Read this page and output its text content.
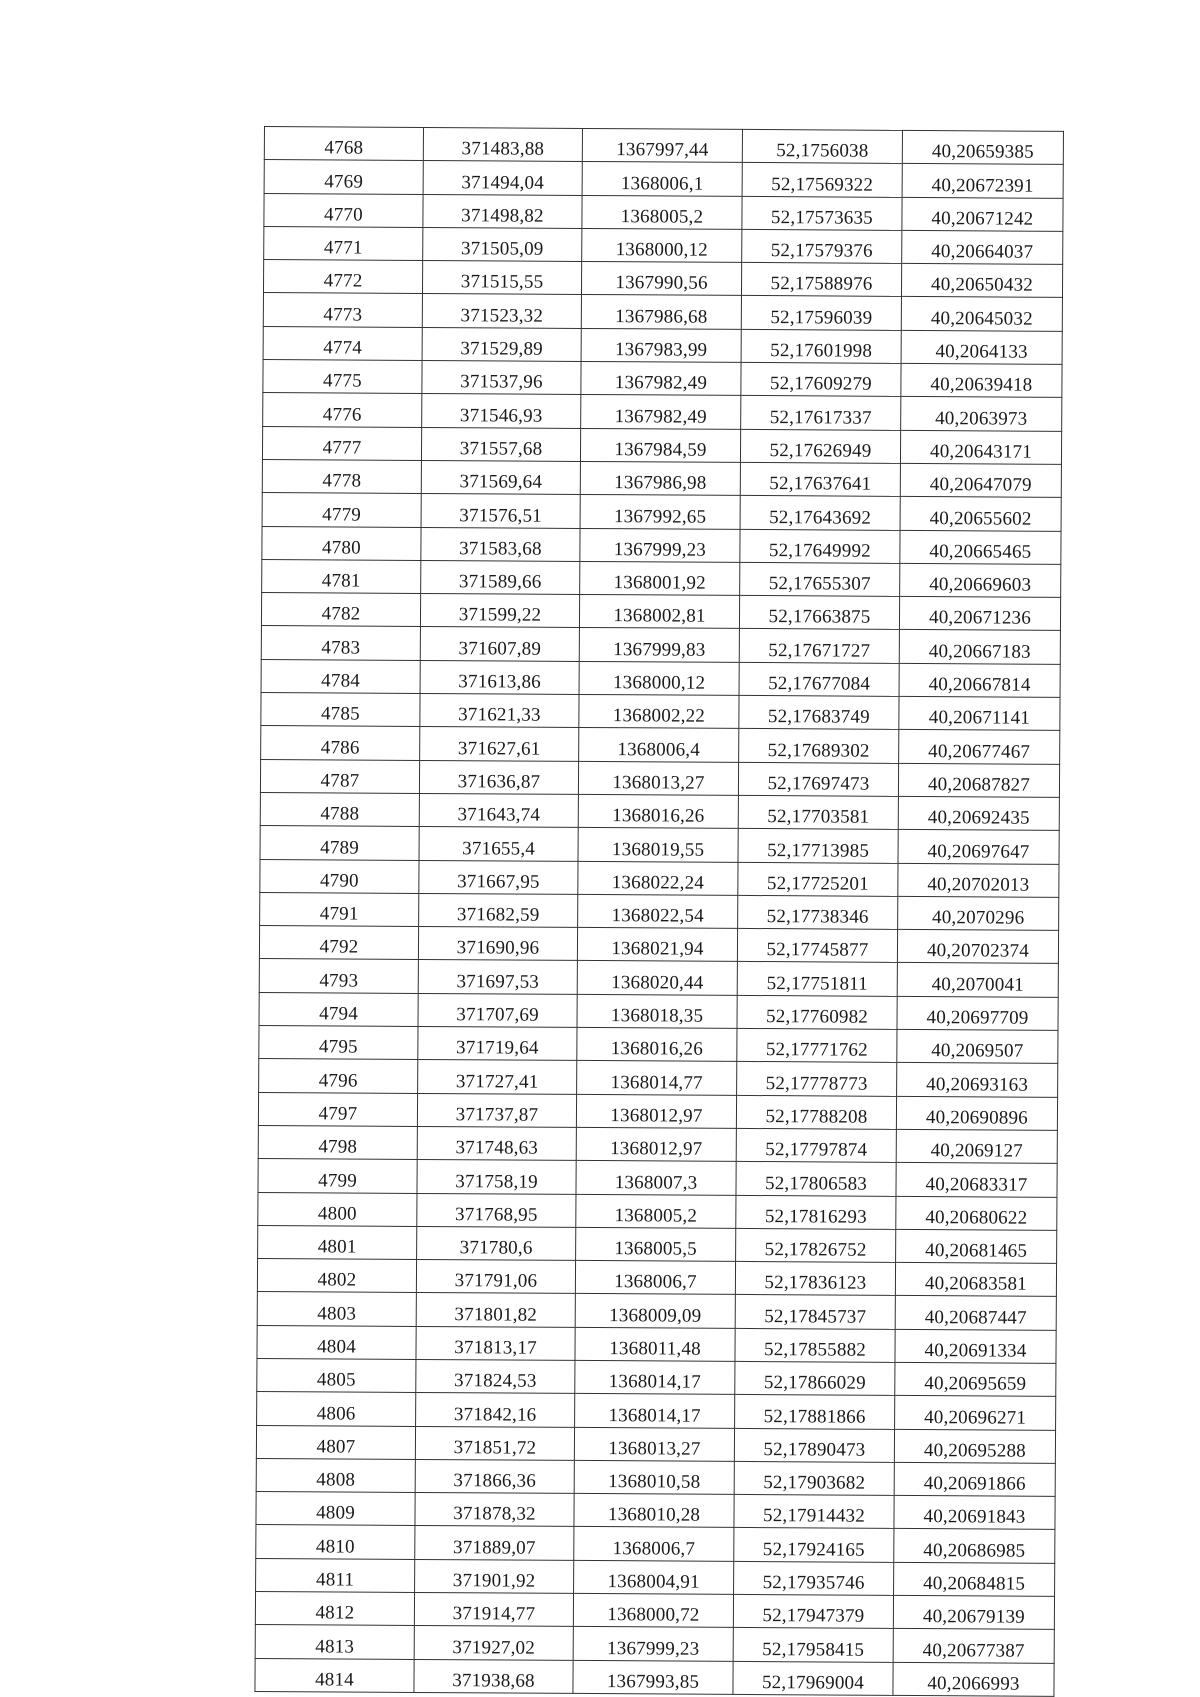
4768	371483,88	1367997,44	52,1756038	40,20659385
4769	371494,04	1368006,1	52,17569322	40,20672391
4770	371498,82	1368005,2	52,17573635	40,20671242
4771	371505,09	1368000,12	52,17579376	40,20664037
4772	371515,55	1367990,56	52,17588976	40,20650432
4773	371523,32	1367986,68	52,17596039	40,20645032
4774	371529,89	1367983,99	52,17601998	40,2064133
4775	371537,96	1367982,49	52,17609279	40,20639418
4776	371546,93	1367982,49	52,17617337	40,2063973
4777	371557,68	1367984,59	52,17626949	40,20643171
4778	371569,64	1367986,98	52,17637641	40,20647079
4779	371576,51	1367992,65	52,17643692	40,20655602
4780	371583,68	1367999,23	52,17649992	40,20665465
4781	371589,66	1368001,92	52,17655307	40,20669603
4782	371599,22	1368002,81	52,17663875	40,20671236
4783	371607,89	1367999,83	52,17671727	40,20667183
4784	371613,86	1368000,12	52,17677084	40,20667814
4785	371621,33	1368002,22	52,17683749	40,20671141
4786	371627,61	1368006,4	52,17689302	40,20677467
4787	371636,87	1368013,27	52,17697473	40,20687827
4788	371643,74	1368016,26	52,17703581	40,20692435
4789	371655,4	1368019,55	52,17713985	40,20697647
4790	371667,95	1368022,24	52,17725201	40,20702013
4791	371682,59	1368022,54	52,17738346	40,2070296
4792	371690,96	1368021,94	52,17745877	40,20702374
4793	371697,53	1368020,44	52,17751811	40,2070041
4794	371707,69	1368018,35	52,17760982	40,20697709
4795	371719,64	1368016,26	52,17771762	40,2069507
4796	371727,41	1368014,77	52,17778773	40,20693163
4797	371737,87	1368012,97	52,17788208	40,20690896
4798	371748,63	1368012,97	52,17797874	40,2069127
4799	371758,19	1368007,3	52,17806583	40,20683317
4800	371768,95	1368005,2	52,17816293	40,20680622
4801	371780,6	1368005,5	52,17826752	40,20681465
4802	371791,06	1368006,7	52,17836123	40,20683581
4803	371801,82	1368009,09	52,17845737	40,20687447
4804	371813,17	1368011,48	52,17855882	40,20691334
4805	371824,53	1368014,17	52,17866029	40,20695659
4806	371842,16	1368014,17	52,17881866	40,20696271
4807	371851,72	1368013,27	52,17890473	40,20695288
4808	371866,36	1368010,58	52,17903682	40,20691866
4809	371878,32	1368010,28	52,17914432	40,20691843
4810	371889,07	1368006,7	52,17924165	40,20686985
4811	371901,92	1368004,91	52,17935746	40,20684815
4812	371914,77	1368000,72	52,17947379	40,20679139
4813	371927,02	1367999,23	52,17958415	40,20677387
4814	371938,68	1367993,85	52,17969004	40,2066993
